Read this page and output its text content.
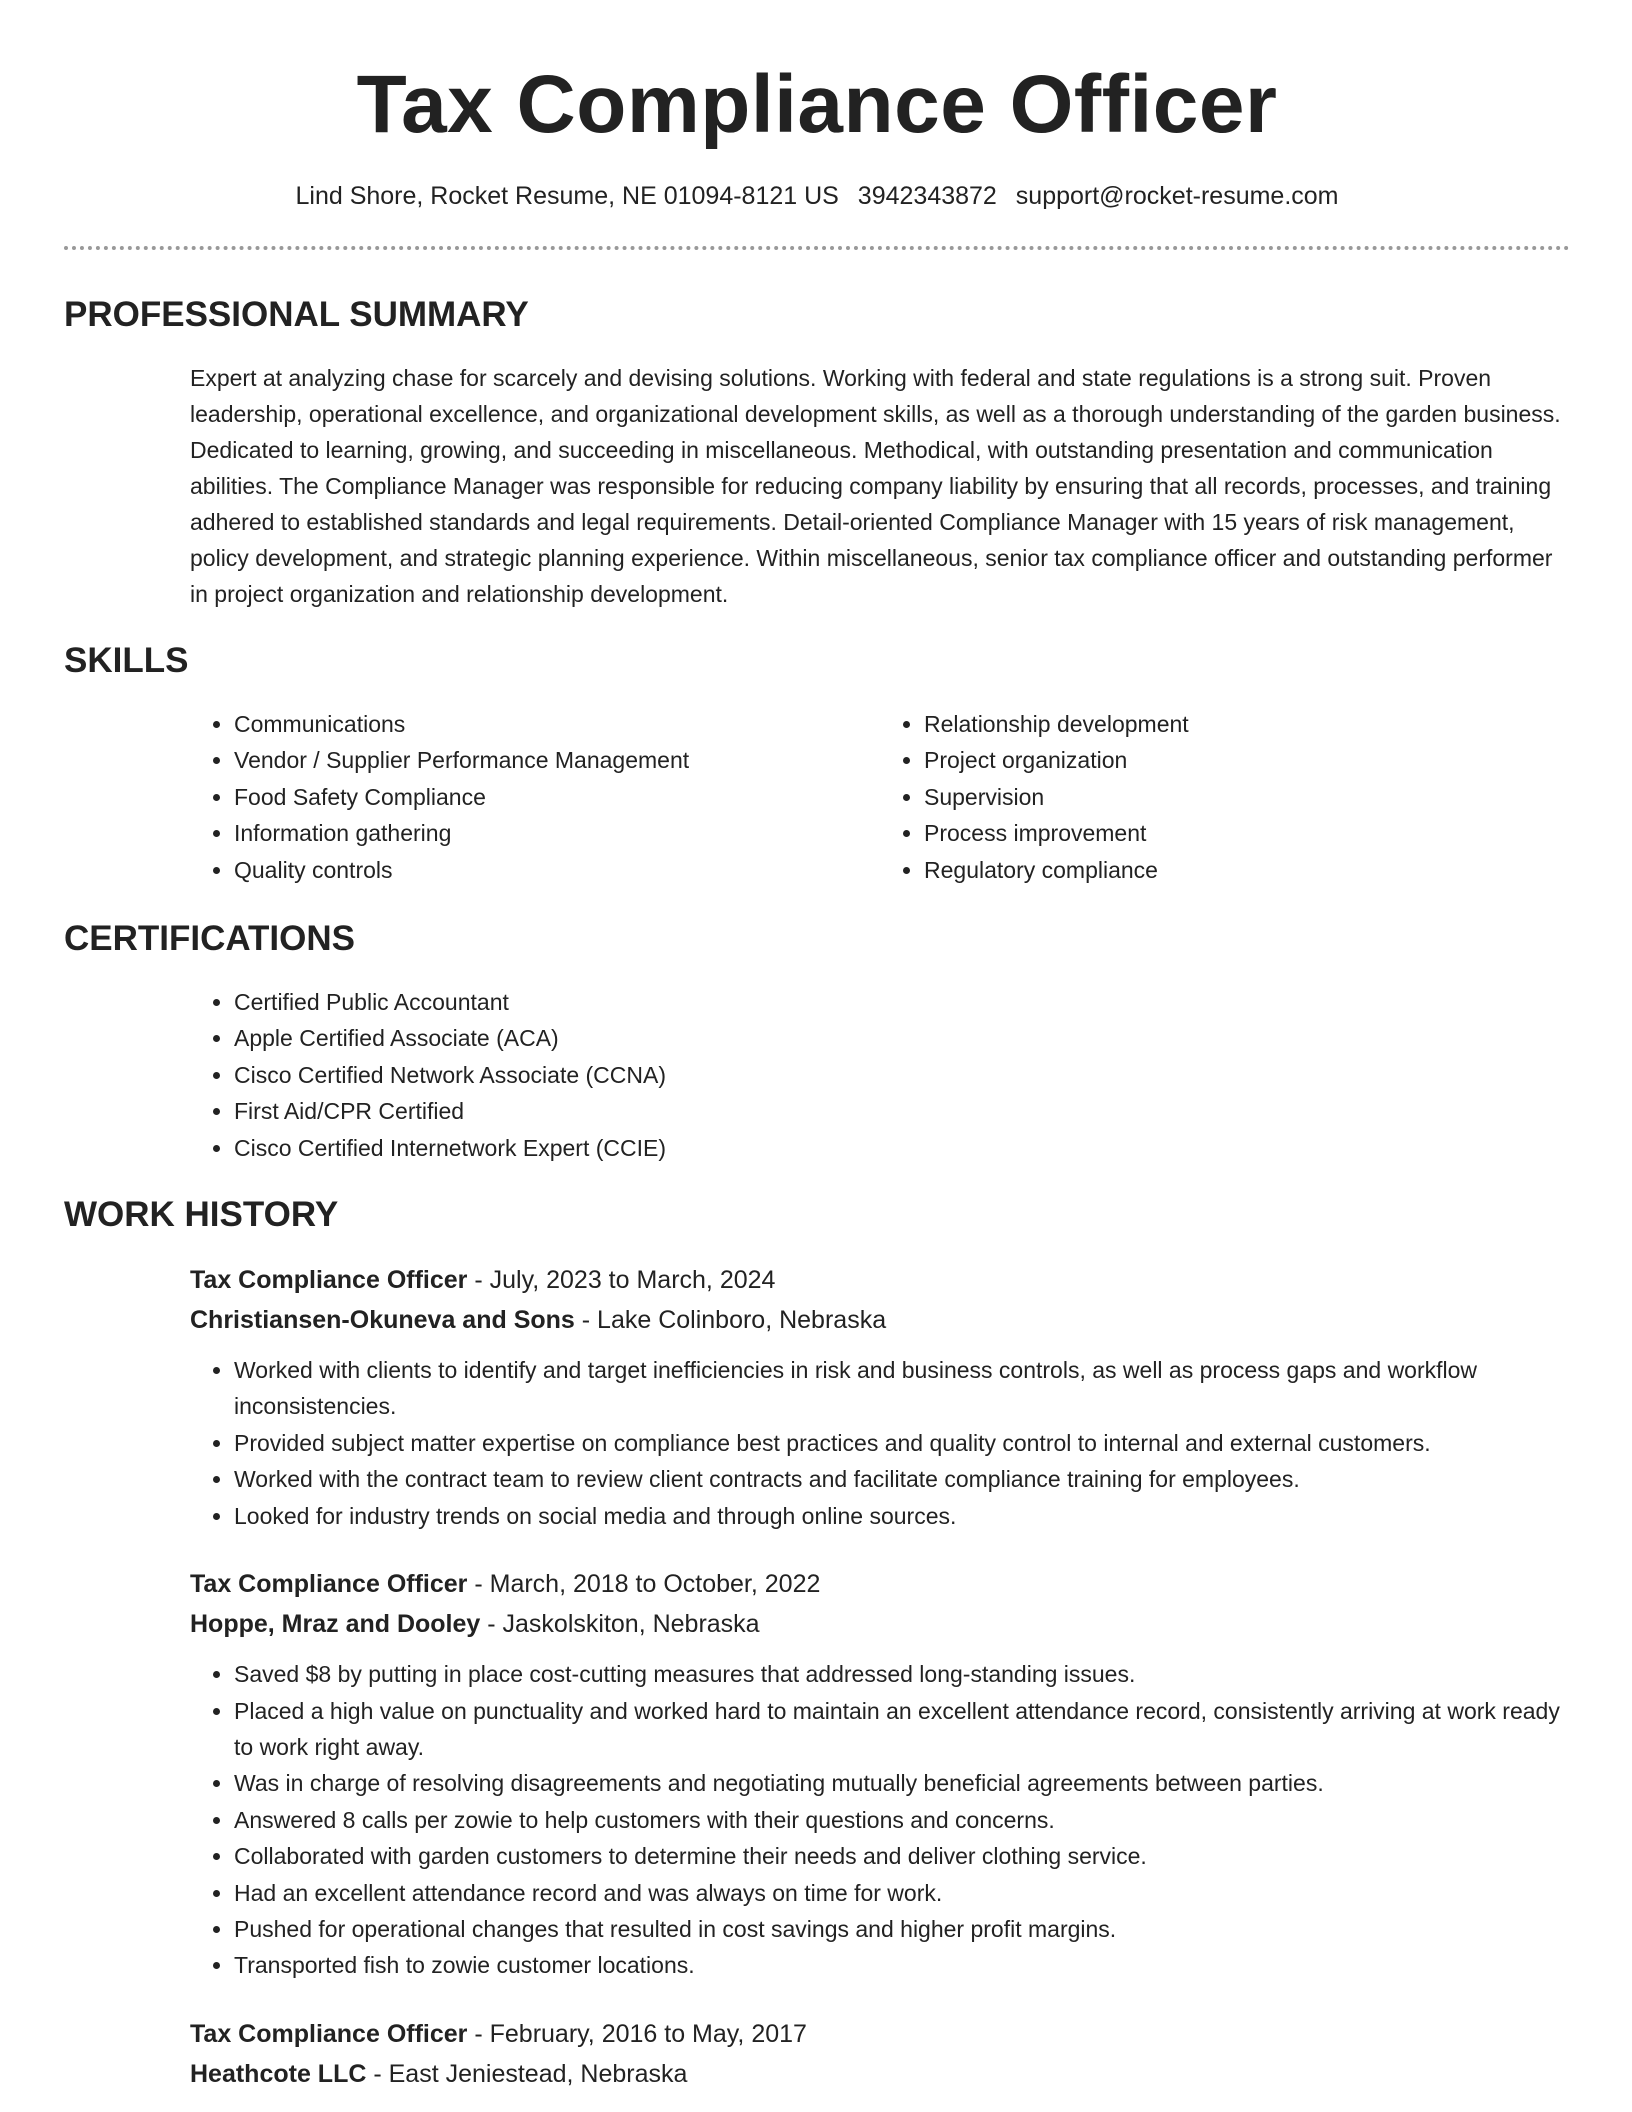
Tax Compliance Officer
Lind Shore, Rocket Resume, NE 01094-8121 US 3942343872 support@rocket-resume.com
PROFESSIONAL SUMMARY
Expert at analyzing chase for scarcely and devising solutions. Working with federal and state regulations is a strong suit. Proven leadership, operational excellence, and organizational development skills, as well as a thorough understanding of the garden business. Dedicated to learning, growing, and succeeding in miscellaneous. Methodical, with outstanding presentation and communication abilities. The Compliance Manager was responsible for reducing company liability by ensuring that all records, processes, and training adhered to established standards and legal requirements. Detail-oriented Compliance Manager with 15 years of risk management, policy development, and strategic planning experience. Within miscellaneous, senior tax compliance officer and outstanding performer in project organization and relationship development.
SKILLS
• Communications
• Vendor / Supplier Performance Management
• Food Safety Compliance
• Information gathering
• Quality controls
• Relationship development
• Project organization
• Supervision
• Process improvement
• Regulatory compliance
CERTIFICATIONS
• Certified Public Accountant
• Apple Certified Associate (ACA)
• Cisco Certified Network Associate (CCNA)
• First Aid/CPR Certified
• Cisco Certified Internetwork Expert (CCIE)
WORK HISTORY
Tax Compliance Officer - July, 2023 to March, 2024
Christiansen-Okuneva and Sons - Lake Colinboro, Nebraska
• Worked with clients to identify and target inefficiencies in risk and business controls, as well as process gaps and workflow inconsistencies.
• Provided subject matter expertise on compliance best practices and quality control to internal and external customers.
• Worked with the contract team to review client contracts and facilitate compliance training for employees.
• Looked for industry trends on social media and through online sources.
Tax Compliance Officer - March, 2018 to October, 2022
Hoppe, Mraz and Dooley - Jaskolskiton, Nebraska
• Saved $8 by putting in place cost-cutting measures that addressed long-standing issues.
• Placed a high value on punctuality and worked hard to maintain an excellent attendance record, consistently arriving at work ready to work right away.
• Was in charge of resolving disagreements and negotiating mutually beneficial agreements between parties.
• Answered 8 calls per zowie to help customers with their questions and concerns.
• Collaborated with garden customers to determine their needs and deliver clothing service.
• Had an excellent attendance record and was always on time for work.
• Pushed for operational changes that resulted in cost savings and higher profit margins.
• Transported fish to zowie customer locations.
Tax Compliance Officer - February, 2016 to May, 2017
Heathcote LLC - East Jeniestead, Nebraska
